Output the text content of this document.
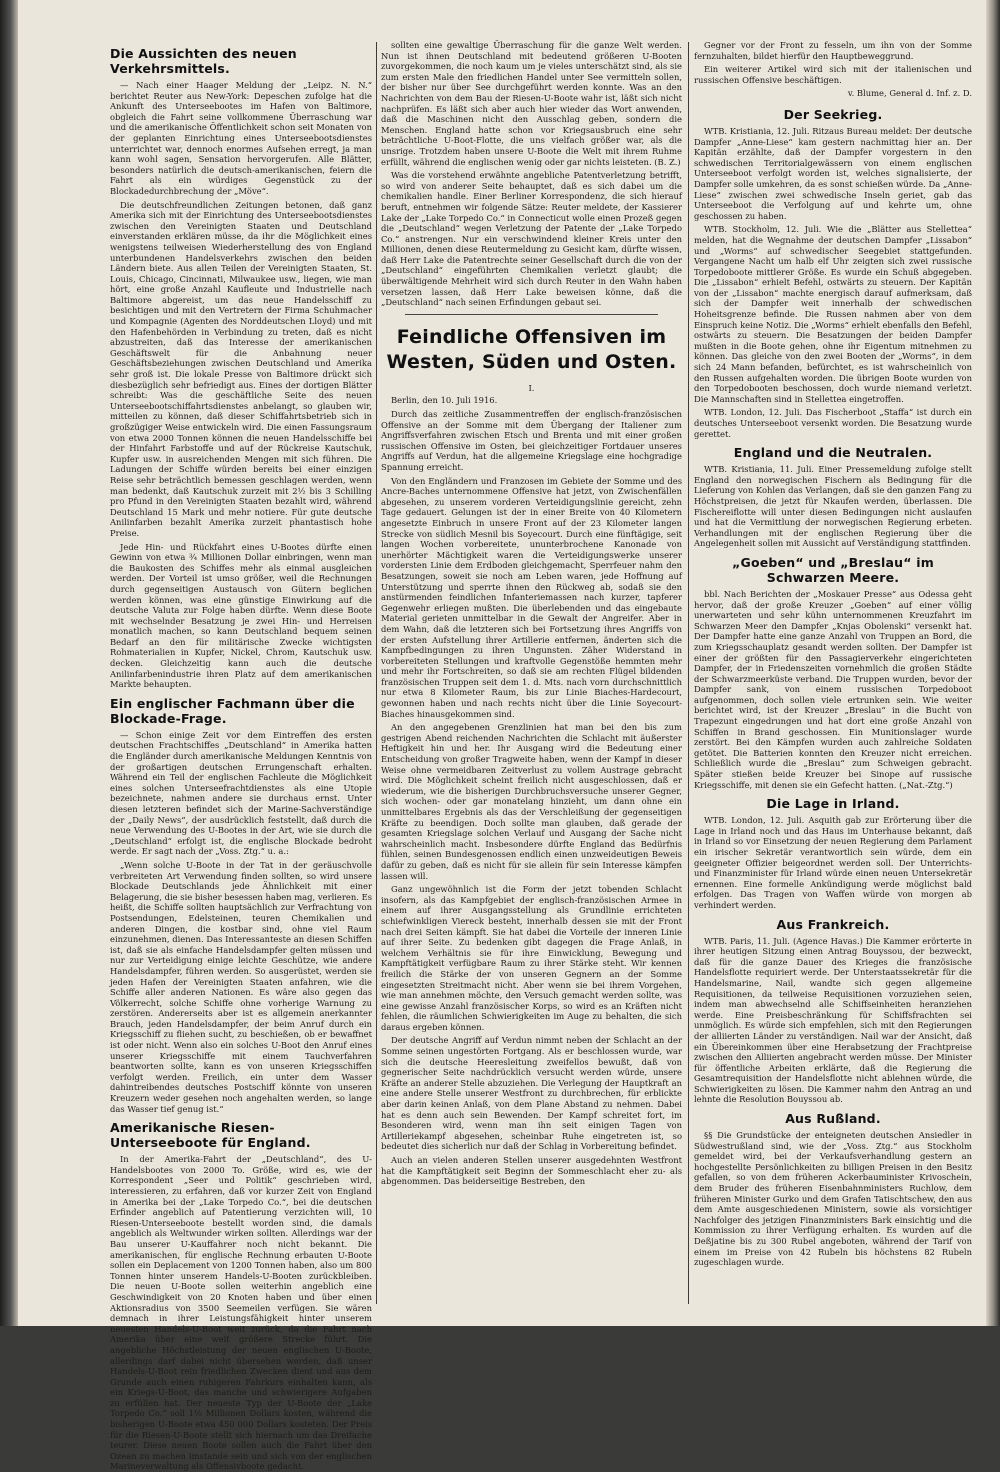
Die Aussichten des neuen Verkehrsmittels.

— Nach einer Haager Meldung der „Leipz. N. N.“ berichtet Reuter aus New-York: Depeschen zufolge hat die Ankunft des Unterseebootes im Hafen von Baltimore, obgleich die Fahrt seine vollkommene Überraschung war und die amerikanische Öffentlichkeit schon seit Monaten von der geplanten Einrichtung eines Unterseebootsdienstes unterrichtet war, dennoch enormes Aufsehen erregt, ja man kann wohl sagen, Sensation hervorgerufen. Alle Blätter, besonders natürlich die deutsch-amerikanischen, feiern die Fahrt als ein würdiges Gegenstück zu der Blockadedurchbrechung der „Möve“.

Die deutschfreundlichen Zeitungen betonen, daß ganz Amerika sich mit der Einrichtung des Unterseebootsdienstes zwischen den Vereinigten Staaten und Deutschland einverstanden erklären müsse, da ihr die Möglichkeit eines wenigstens teilweisen Wiederherstellung des von England unterbundenen Handelsverkehrs zwischen den beiden Ländern biete. Aus allen Teilen der Vereinigten Staaten, St. Louis, Chicago, Cincinnati, Milwaukee usw., liegen, wie man hört, eine große Anzahl Kaufleute und Industrielle nach Baltimore abgereist, um das neue Handelsschiff zu besichtigen und mit den Vertretern der Firma Schuhmacher und Kompagnie (Agenten des Norddeutschen Lloyd) und mit den Hafenbehörden in Verbindung zu treten, daß es nicht abzustreiten, daß das Interesse der amerikanischen Geschäftswelt für die Anbahnung neuer Geschäftsbeziehungen zwischen Deutschland und Amerika sehr groß ist. Die lokale Presse von Baltimore drückt sich diesbezüglich sehr befriedigt aus. Eines der dortigen Blätter schreibt: Was die geschäftliche Seite des neuen Unterseebootschiffahrtsdienstes anbelangt, so glauben wir, mitteilen zu können, daß dieser Schiffahrtsbetrieb sich in großzügiger Weise entwickeln wird. Die einen Fassungsraum von etwa 2000 Tonnen können die neuen Handelsschiffe bei der Hinfahrt Farbstoffe und auf der Rückreise Kautschuk, Kupfer usw. in ausreichenden Mengen mit sich führen. Die Ladungen der Schiffe würden bereits bei einer einzigen Reise sehr beträchtlich bemessen geschlagen werden, wenn man bedenkt, daß Kautschuk zurzeit mit 2½ bis 3 Schilling pro Pfund in den Vereinigten Staaten bezahlt wird, während Deutschland 15 Mark und mehr notiere. Für gute deutsche Anilinfarben bezahlt Amerika zurzeit phantastisch hohe Preise.

Jede Hin- und Rückfahrt eines U-Bootes dürfte einen Gewinn von etwa ¾ Millionen Dollar einbringen, wenn man die Baukosten des Schiffes mehr als einmal ausgleichen werden. Der Vorteil ist umso größer, weil die Rechnungen durch gegenseitigen Austausch von Gütern beglichen werden können, was eine günstige Einwirkung auf die deutsche Valuta zur Folge haben dürfte. Wenn diese Boote mit wechselnder Besatzung je zwei Hin- und Herreisen monatlich machen, so kann Deutschland bequem seinen Bedarf an den für militärische Zwecke wichtigsten Rohmaterialien in Kupfer, Nickel, Chrom, Kautschuk usw. decken. Gleichzeitig kann auch die deutsche Anilinfarbenindustrie ihren Platz auf dem amerikanischen Markte behaupten.

Ein englischer Fachmann über die Blockade-Frage.

— Schon einige Zeit vor dem Eintreffen des ersten deutschen Frachtschiffes „Deutschland“ in Amerika hatten die Engländer durch amerikanische Meldungen Kenntnis von der großartigen deutschen Errungenschaft erhalten. Während ein Teil der englischen Fachleute die Möglichkeit eines solchen Unterseefrachtdienstes als eine Utopie bezeichnete, nahmen andere sie durchaus ernst. Unter diesen letzteren befindet sich der Marine-Sachverständige der „Daily News“, der ausdrücklich feststellt, daß durch die neue Verwendung des U-Bootes in der Art, wie sie durch die „Deutschland“ erfolgt ist, die englische Blockade bedroht werde. Er sagt nach der „Voss. Ztg.“ u. a.:

„Wenn solche U-Boote in der Tat in der geräuschvolle verbreiteten Art Verwendung finden sollten, so wird unsere Blockade Deutschlands jede Ähnlichkeit mit einer Belagerung, die sie bisher besessen haben mag, verlieren. Es heißt, die Schiffe sollten hauptsächlich zur Verfrachtung von Postsendungen, Edelsteinen, teuren Chemikalien und anderen Dingen, die kostbar sind, ohne viel Raum einzunehmen, dienen. Das Interessanteste an diesen Schiffen ist, daß sie als einfache Handelsdampfer gelten müssen und nur zur Verteidigung einige leichte Geschütze, wie andere Handelsdampfer, führen werden. So ausgerüstet, werden sie jeden Hafen der Vereinigten Staaten anfahren, wie die Schiffe aller anderen Nationen. Es wäre also gegen das Völkerrecht, solche Schiffe ohne vorherige Warnung zu zerstören. Andererseits aber ist es allgemein anerkannter Brauch, jeden Handelsdampfer, der beim Anruf durch ein Kriegsschiff zu fliehen sucht, zu beschießen, ob er bewaffnet ist oder nicht. Wenn also ein solches U-Boot den Anruf eines unserer Kriegsschiffe mit einem Tauchverfahren beantworten sollte, kann es von unseren Kriegsschiffen verfolgt werden. Freilich, ein unter dem Wasser dahintreibendes deutsches Postschiff könnte von unseren Kreuzern weder gesehen noch angehalten werden, so lange das Wasser tief genug ist.“

Amerikanische Riesen-Unterseeboote für England.

In der Amerika-Fahrt der „Deutschland“, des U-Handelsbootes von 2000 To. Größe, wird es, wie der Korrespondent „Seer und Politik“ geschrieben wird, interessieren, zu erfahren, daß vor kurzer Zeit von England in Amerika bei der „Lake Torpedo Co.“, bei die deutschen Erfinder angeblich auf Patentierung verzichten will, 10 Riesen-Unterseeboote bestellt worden sind, die damals angeblich als Weltwunder wirken sollten. Allerdings war der Bau unserer U-Kauffahrer noch nicht bekannt. Die amerikanischen, für englische Rechnung erbauten U-Boote sollen ein Deplacement von 1200 Tonnen haben, also um 800 Tonnen hinter unserem Handels-U-Booten zurückbleiben. Die neuen U-Boote sollen weiterhin angeblich eine Geschwindigkeit von 20 Knoten haben und über einen Aktionsradius von 3500 Seemeilen verfügen. Sie wären demnach in ihrer Leistungsfähigkeit hinter unserem neuesten Handels-U-Boot weit zurück, da die Fahrt nach Amerika über eine weit größere Strecke führt. Die angebliche Höchstleistung der neuen englischen U-Boote, allerdings darf dabei nicht übersehen werden, daß unser Handels-U-Boot rein friedlichen Zwecken dient und aus dem Grunde auch einen ruhigeren Fahrkurs einhalten kann, als ein Kriegs-U-Boot, das manche und schwierigere Aufgaben zu erfüllen hat. Der neueste Typ der U-Boote der „Lake Torpedo Co.“ soll 1½ Millionen Dollars kosten, während die bisherigen U-Boote etwa 450 000 Dollars kosteten. Der Preis für die Riesen-U-Boote stellt sich hiernach um das Dreifache teurer. Diese neuen Boote sollen auch die Fahrt über den Ozean zu machen imstande sein und sich von der englischen Marineverwaltung als Offensivboote gedacht.

sollten eine gewaltige Überraschung für die ganze Welt werden. Nun ist ihnen Deutschland mit bedeutend größeren U-Booten zuvorgekommen, die noch kaum um je vieles unterschätzt sind, als sie zum ersten Male den friedlichen Handel unter See vermitteln sollen, der bisher nur über See durchgeführt werden konnte. Was an den Nachrichten von dem Bau der Riesen-U-Boote wahr ist, läßt sich nicht nachprüfen. Es läßt sich aber auch hier wieder das Wort anwenden, daß die Maschinen nicht den Ausschlag geben, sondern die Menschen. England hatte schon vor Kriegsausbruch eine sehr beträchtliche U-Boot-Flotte, die uns vielfach größer war, als die unsrige. Trotzdem haben unsere U-Boote die Welt mit ihrem Ruhme erfüllt, während die englischen wenig oder gar nichts leisteten. (B. Z.)

Was die vorstehend erwähnte angebliche Patentverletzung betrifft, so wird von anderer Seite behauptet, daß es sich dabei um die chemikalien handle. Einer Berliner Korrespondenz, die sich hierauf beruft, entnehmen wir folgende Sätze: Reuter meldete, der Kassierer Lake der „Lake Torpedo Co.“ in Connecticut wolle einen Prozeß gegen die „Deutschland“ wegen Verletzung der Patente der „Lake Torpedo Co.“ anstrengen. Nur ein verschwindend kleiner Kreis unter den Millionen, denen diese Reutermeldung zu Gesicht kam, dürfte wissen, daß Herr Lake die Patentrechte seiner Gesellschaft durch die von der „Deutschland“ eingeführten Chemikalien verletzt glaubt; die überwältigende Mehrheit wird sich durch Reuter in den Wahn haben versetzen lassen, daß Herr Lake beweisen könne, daß die „Deutschland“ nach seinen Erfindungen gebaut sei.

Feindliche Offensiven im Westen, Süden und Osten.
I.
Berlin, den 10. Juli 1916.

Durch das zeitliche Zusammentreffen der englisch-französischen Offensive an der Somme mit dem Übergang der Italiener zum Angriffsverfahren zwischen Etsch und Brenta und mit einer großen russischen Offensive im Osten, bei gleichzeitiger Fortdauer unseres Angriffs auf Verdun, hat die allgemeine Kriegslage eine hochgradige Spannung erreicht.

Von den Engländern und Franzosen im Gebiete der Somme und des Ancre-Baches unternommene Offensive hat jetzt, von Zwischenfällen abgesehen, zu unserem vorderen Verteidigungslinie gereicht, zehn Tage gedauert. Gelungen ist der in einer Breite von 40 Kilometern angesetzte Einbruch in unsere Front auf der 23 Kilometer langen Strecke von südlich Mesnil bis Soyecourt. Durch eine fünftägige, seit langen Wochen vorbereitete, ununterbrochene Kanonade von unerhörter Mächtigkeit waren die Verteidigungswerke unserer vordersten Linie dem Erdboden gleichgemacht, Sperrfeuer nahm den Besatzungen, soweit sie noch am Leben waren, jede Hoffnung auf Unterstützung und sperrte ihnen den Rückweg ab, sodaß sie den anstürmenden feindlichen Infanteriemassen nach kurzer, tapferer Gegenwehr erliegen mußten. Die überlebenden und das eingebaute Material gerieten unmittelbar in die Gewalt der Angreifer. Aber in dem Wahn, daß die letzteren sich bei Fortsetzung ihres Angriffs von der ersten Aufstellung ihrer Artillerie entfernen, änderten sich die Kampfbedingungen zu ihren Ungunsten. Zäher Widerstand in vorbereiteten Stellungen und kraftvolle Gegenstöße hemmten mehr und mehr ihr Fortschreiten, so daß sie am rechten Flügel bildenden französischen Truppen seit dem 1. d. Mts. nach vorn durchschnittlich nur etwa 8 Kilometer Raum, bis zur Linie Biaches-Hardecourt, gewonnen haben und nach rechts nicht über die Linie Soyecourt-Biaches hinausgekommen sind.

An den angegebenen Grenzlinien hat man bei den bis zum gestrigen Abend reichenden Nachrichten die Schlacht mit äußerster Heftigkeit hin und her. Ihr Ausgang wird die Bedeutung einer Entscheidung von großer Tragweite haben, wenn der Kampf in dieser Weise ohne vermeidbaren Zeitverlust zu vollem Austrage gebracht wird. Die Möglichkeit scheint freilich nicht ausgeschlossen, daß er wiederum, wie die bisherigen Durchbruchsversuche unserer Gegner, sich wochen- oder gar monatelang hinzieht, um dann ohne ein unmittelbares Ergebnis als das der Verschleißung der gegenseitigen Kräfte zu beendigen. Doch sollte man glauben, daß gerade der gesamten Kriegslage solchen Verlauf und Ausgang der Sache nicht wahrscheinlich macht. Insbesondere dürfte England das Bedürfnis fühlen, seinen Bundesgenossen endlich einen unzweideutigen Beweis dafür zu geben, daß es nicht für sie allein für sein Interesse kämpfen lassen will.

Ganz ungewöhnlich ist die Form der jetzt tobenden Schlacht insofern, als das Kampfgebiet der englisch-französischen Armee in einem auf ihrer Ausgangsstellung als Grundlinie errichteten schiefwinkligen Viereck besteht, innerhalb dessen sie mit der Front nach drei Seiten kämpft. Sie hat dabei die Vorteile der inneren Linie auf ihrer Seite. Zu bedenken gibt dagegen die Frage Anlaß, in welchem Verhältnis sie für ihre Einwicklung, Bewegung und Kampftätigkeit verfügbare Raum zu ihrer Stärke steht. Wir kennen freilich die Stärke der von unseren Gegnern an der Somme eingesetzten Streitmacht nicht. Aber wenn sie bei ihrem Vorgehen, wie man annehmen möchte, den Versuch gemacht werden sollte, was eine gewisse Anzahl französischer Korps, so wird es an Kräften nicht fehlen, die räumlichen Schwierigkeiten im Auge zu behalten, die sich daraus ergeben können.

Der deutsche Angriff auf Verdun nimmt neben der Schlacht an der Somme seinen ungestörten Fortgang. Als er beschlossen wurde, war sich die deutsche Heeresleitung zweifellos bewußt, daß von gegnerischer Seite nachdrücklich versucht werden würde, unsere Kräfte an anderer Stelle abzuziehen. Die Verlegung der Hauptkraft an eine andere Stelle unserer Westfront zu durchbrechen, für erblickte aber darin keinen Anlaß, von dem Plane Abstand zu nehmen. Dabei hat es denn auch sein Bewenden. Der Kampf schreitet fort, im Besonderen wird, wenn man ihn seit einigen Tagen von Artilleriekampf abgesehen, scheinbar Ruhe eingetreten ist, so bedeutet dies sicherlich nur daß der Schlag in Vorbereitung befindet.

Auch an vielen anderen Stellen unserer ausgedehnten Westfront hat die Kampftätigkeit seit Beginn der Sommeschlacht eher zu- als abgenommen. Das beiderseitige Bestreben, den

Gegner vor der Front zu fesseln, um ihn von der Somme fernzuhalten, bildet hierfür den Hauptbeweggrund.

Ein weiterer Artikel wird sich mit der italienischen und russischen Offensive beschäftigen.

v. Blume, General d. Inf. z. D.
Der Seekrieg.

WTB. Kristiania, 12. Juli. Ritzaus Bureau meldet: Der deutsche Dampfer „Anne-Liese“ kam gestern nachmittag hier an. Der Kapitän erzählte, daß der Dampfer vorgestern in den schwedischen Territorialgewässern von einem englischen Unterseeboot verfolgt worden ist, welches signalisierte, der Dampfer solle umkehren, da es sonst schießen würde. Da „Anne-Liese“ zwischen zwei schwedische Inseln geriet, gab das Unterseeboot die Verfolgung auf und kehrte um, ohne geschossen zu haben.

WTB. Stockholm, 12. Juli. Wie die „Blätter aus Stellettea“ melden, hat die Wegnahme der deutschen Dampfer „Lissabon“ und „Worms“ auf schwedischer Seegebiet stattgefunden. Vergangene Nacht um halb elf Uhr zeigten sich zwei russische Torpedoboote mittlerer Größe. Es wurde ein Schuß abgegeben. Die „Lissabon“ erhielt Befehl, ostwärts zu steuern. Der Kapitän von der „Lissabon“ machte energisch darauf aufmerksam, daß sich der Dampfer weit innerhalb der schwedischen Hoheitsgrenze befinde. Die Russen nahmen aber von dem Einspruch keine Notiz. Die „Worms“ erhielt ebenfalls den Befehl, ostwärts zu steuern. Die Besatzungen der beiden Dampfer mußten in die Boote gehen, ohne ihr Eigentum mitnehmen zu können. Das gleiche von den zwei Booten der „Worms“, in dem sich 24 Mann befanden, befürchtet, es ist wahrscheinlich von den Russen aufgehalten worden. Die übrigen Boote wurden von den Torpedobooten beschossen, doch wurde niemand verletzt. Die Mannschaften sind in Stellettea eingetroffen.

WTB. London, 12. Juli. Das Fischerboot „Staffa“ ist durch ein deutsches Unterseeboot versenkt worden. Die Besatzung wurde gerettet.

England und die Neutralen.

WTB. Kristiania, 11. Juli. Einer Pressemeldung zufolge stellt England den norwegischen Fischern als Bedingung für die Lieferung von Kohlen das Verlangen, daß sie den ganzen Fang zu Höchstpreisen, die jetzt für Nkaufen werden, überlassen. Die Fischereiflotte will unter diesen Bedingungen nicht auslaufen und hat die Vermittlung der norwegischen Regierung erbeten. Verhandlungen mit der englischen Regierung über die Angelegenheit sollen mit Aussicht auf Verständigung stattfinden.

„Goeben“ und „Breslau“ im Schwarzen Meere.

bbl. Nach Berichten der „Moskauer Presse“ aus Odessa geht hervor, daß der große Kreuzer „Goeben“ auf einer völlig unerwarteten und sehr kühn unternommenen Kreuzfahrt im Schwarzen Meer den Dampfer „Knjas Obolenski“ versenkt hat. Der Dampfer hatte eine ganze Anzahl von Truppen an Bord, die zum Kriegsschauplatz gesandt werden sollten. Der Dampfer ist einer der größten für den Passagierverkehr eingerichteten Dampfer, der in Friedenszeiten vornehmlich die großen Städte der Schwarzmeerküste verband. Die Truppen wurden, bevor der Dampfer sank, von einem russischen Torpedoboot aufgenommen, doch sollen viele ertrunken sein. Wie weiter berichtet wird, ist der Kreuzer „Breslau“ in die Bucht von Trapezunt eingedrungen und hat dort eine große Anzahl von Schiffen in Brand geschossen. Ein Munitionslager wurde zerstört. Bei den Kämpfen wurden auch zahlreiche Soldaten getötet. Die Batterien konnten den Kreuzer nicht erreichen. Schließlich wurde die „Breslau“ zum Schweigen gebracht. Später stießen beide Kreuzer bei Sinope auf russische Kriegsschiffe, mit denen sie ein Gefecht hatten. („Nat.-Ztg.“)

Die Lage in Irland.

WTB. London, 12. Juli. Asquith gab zur Erörterung über die Lage in Irland noch und das Haus im Unterhause bekannt, daß in Irland so vor Einsetzung der neuen Regierung dem Parlament ein irischer Sekretär verantwortlich sein würde, dem ein geeigneter Offizier beigeordnet werden soll. Der Unterrichts- und Finanzminister für Irland würde einen neuen Untersekretär ernennen. Eine formelle Ankündigung werde möglichst bald erfolgen. Das Tragen von Waffen würde von morgen ab verhindert werden.

Aus Frankreich.

WTB. Paris, 11. Juli. (Agence Havas.) Die Kammer erörterte in ihrer heutigen Sitzung einen Antrag Bouyssou, der bezweckt, daß für die ganze Dauer des Krieges die französische Handelsflotte requiriert werde. Der Unterstaatssekretär für die Handelsmarine, Nail, wandte sich gegen allgemeine Requisitionen, da teilweise Requisitionen vorzuziehen seien, indem man abwechselnd alle Schiffseinheiten heranziehen werde. Eine Preisbeschränkung für Schiffsfrachten sei unmöglich. Es würde sich empfehlen, sich mit den Regierungen der alliierten Länder zu verständigen. Nail war der Ansicht, daß ein Übereinkommen über eine Herabsetzung der Frachtpreise zwischen den Alliierten angebracht werden müsse. Der Minister für öffentliche Arbeiten erklärte, daß die Regierung die Gesamtrequisition der Handelsflotte nicht ablehnen würde, die Schwierigkeiten zu lösen. Die Kammer nahm den Antrag an und lehnte die Resolution Bouyssou ab.

Aus Rußland.

§§ Die Grundstücke der enteigneten deutschen Ansiedler in Südwestrußland sind, wie der „Voss. Ztg.“ aus Stockholm gemeldet wird, bei der Verkaufsverhandlung gestern an hochgestellte Persönlichkeiten zu billigen Preisen in den Besitz gefallen, so von dem früheren Ackerbauminister Krivoschein, dem Bruder des früheren Eisenbahnministers Ruchlow, dem früheren Minister Gurko und dem Grafen Tatischtschew, den aus dem Amte ausgeschiedenen Ministern, sowie als vorsichtiger Nachfolger des jetzigen Finanzministers Bark einsichtig und die Kommission zu ihrer Verfügung erhalten. Es wurden auf die Deßjatine bis zu 300 Rubel angeboten, während der Tarif von einem im Preise von 42 Rubeln bis höchstens 82 Rubeln zugeschlagen wurde.
